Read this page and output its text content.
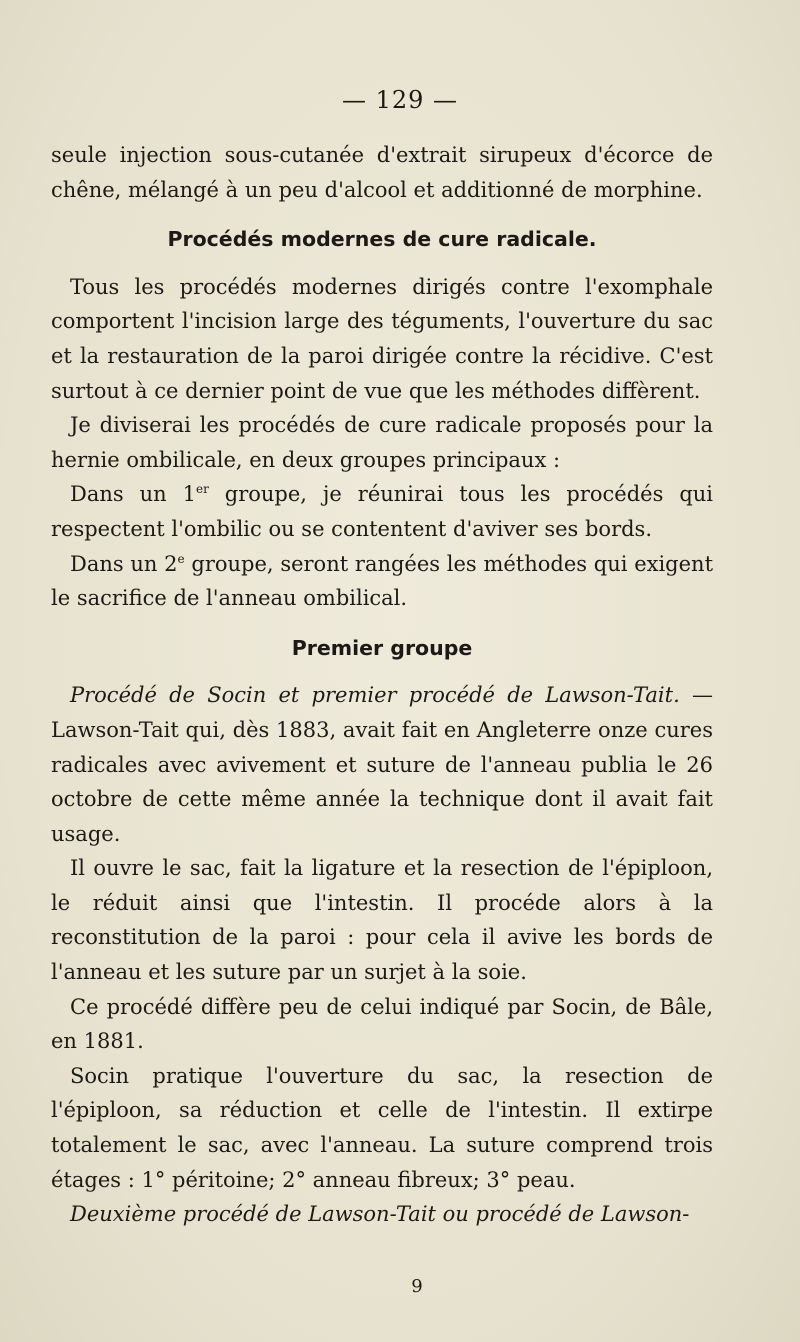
— 129 —

seule injection sous-cutanée d'extrait sirupeux d'écorce de chêne, mélangé à un peu d'alcool et additionné de morphine.

Procédés modernes de cure radicale.

Tous les procédés modernes dirigés contre l'exomphale comportent l'incision large des téguments, l'ouverture du sac et la restauration de la paroi dirigée contre la récidive. C'est surtout à ce dernier point de vue que les méthodes diffèrent.

Je diviserai les procédés de cure radicale proposés pour la hernie ombilicale, en deux groupes principaux :

Dans un 1er groupe, je réunirai tous les procédés qui respectent l'ombilic ou se contentent d'aviver ses bords.

Dans un 2e groupe, seront rangées les méthodes qui exigent le sacrifice de l'anneau ombilical.

Premier groupe

Procédé de Socin et premier procédé de Lawson-Tait. — Lawson-Tait qui, dès 1883, avait fait en Angleterre onze cures radicales avec avivement et suture de l'anneau publia le 26 octobre de cette même année la technique dont il avait fait usage.

Il ouvre le sac, fait la ligature et la resection de l'épiploon, le réduit ainsi que l'intestin. Il procéde alors à la reconstitution de la paroi : pour cela il avive les bords de l'anneau et les suture par un surjet à la soie.

Ce procédé diffère peu de celui indiqué par Socin, de Bâle, en 1881.

Socin pratique l'ouverture du sac, la resection de l'épiploon, sa réduction et celle de l'intestin. Il extirpe totalement le sac, avec l'anneau. La suture comprend trois étages : 1° péritoine; 2° anneau fibreux; 3° peau.

Deuxième procédé de Lawson-Tait ou procédé de Lawson-

9
